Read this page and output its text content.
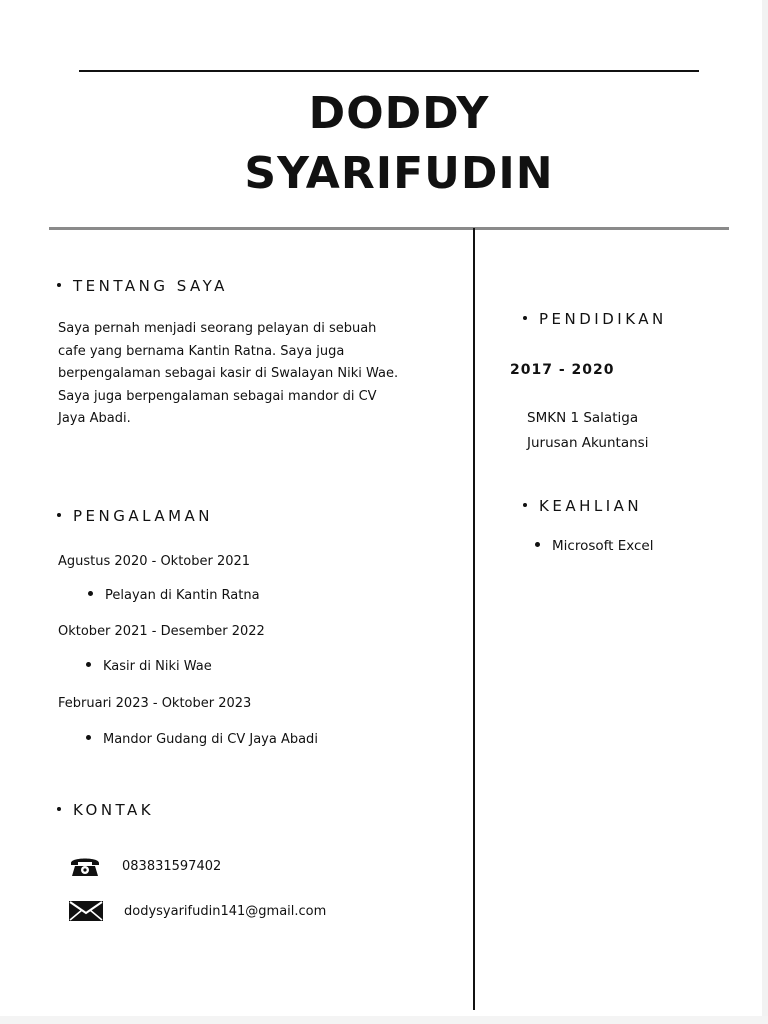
DODDY
SYARIFUDIN
TENTANG SAYA
Saya pernah menjadi seorang pelayan di sebuah
cafe yang bernama Kantin Ratna. Saya juga
berpengalaman sebagai kasir di Swalayan Niki Wae.
Saya juga berpengalaman sebagai mandor di CV
Jaya Abadi.
PENGALAMAN
Agustus 2020 - Oktober 2021
Pelayan di Kantin Ratna
Oktober 2021 - Desember 2022
Kasir di Niki Wae
Februari 2023 - Oktober 2023
Mandor Gudang di CV Jaya Abadi
KONTAK
083831597402
dodysyarifudin141@gmail.com
PENDIDIKAN
2017 - 2020
SMKN 1 Salatiga
Jurusan Akuntansi
KEAHLIAN
Microsoft Excel
